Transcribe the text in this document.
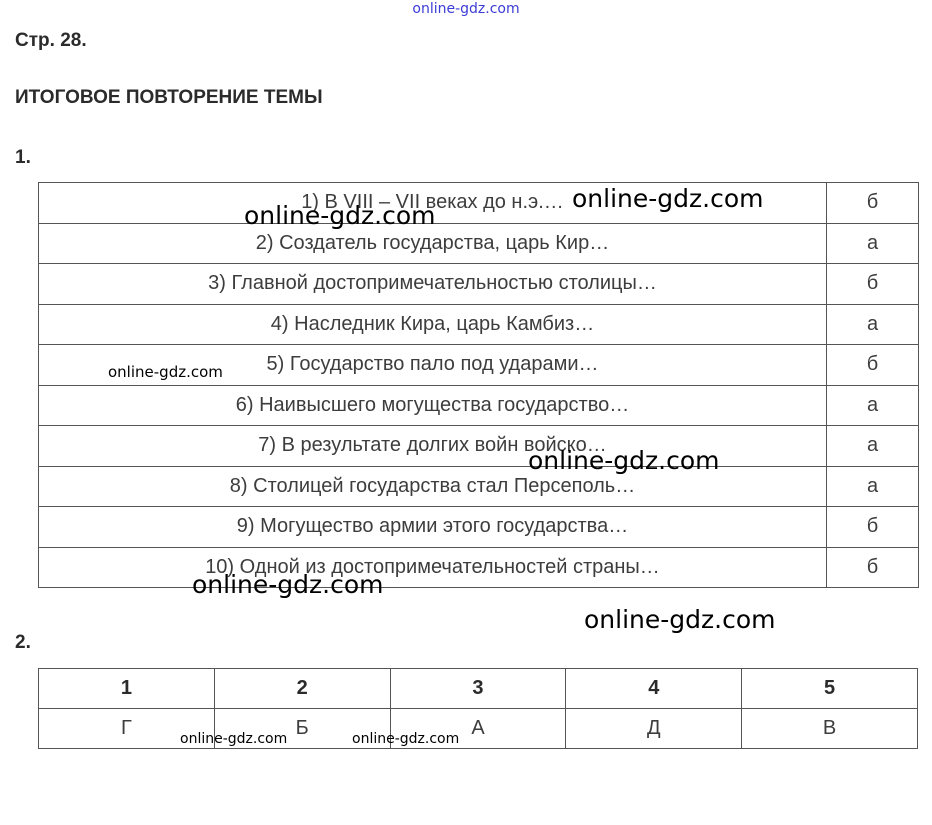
online-gdz.com
Стр. 28.
ИТОГОВОЕ ПОВТОРЕНИЕ ТЕМЫ
1.
1) В VIII – VII веках до н.э.…	б
2) Создатель государства, царь Кир…	а
3) Главной достопримечательностью столицы…	б
4) Наследник Кира, царь Камбиз…	а
5) Государство пало под ударами…	б
6) Наивысшего могущества государство…	а
7) В результате долгих войн войско…	а
8) Столицей государства стал Персеполь…	а
9) Могущество армии этого государства…	б
10) Одной из достопримечательностей страны…	б
2.
1	2	3	4	5
Г	Б	А	Д	В
online-gdz.com
online-gdz.com
online-gdz.com
online-gdz.com
online-gdz.com
online-gdz.com
online-gdz.com	online-gdz.com
